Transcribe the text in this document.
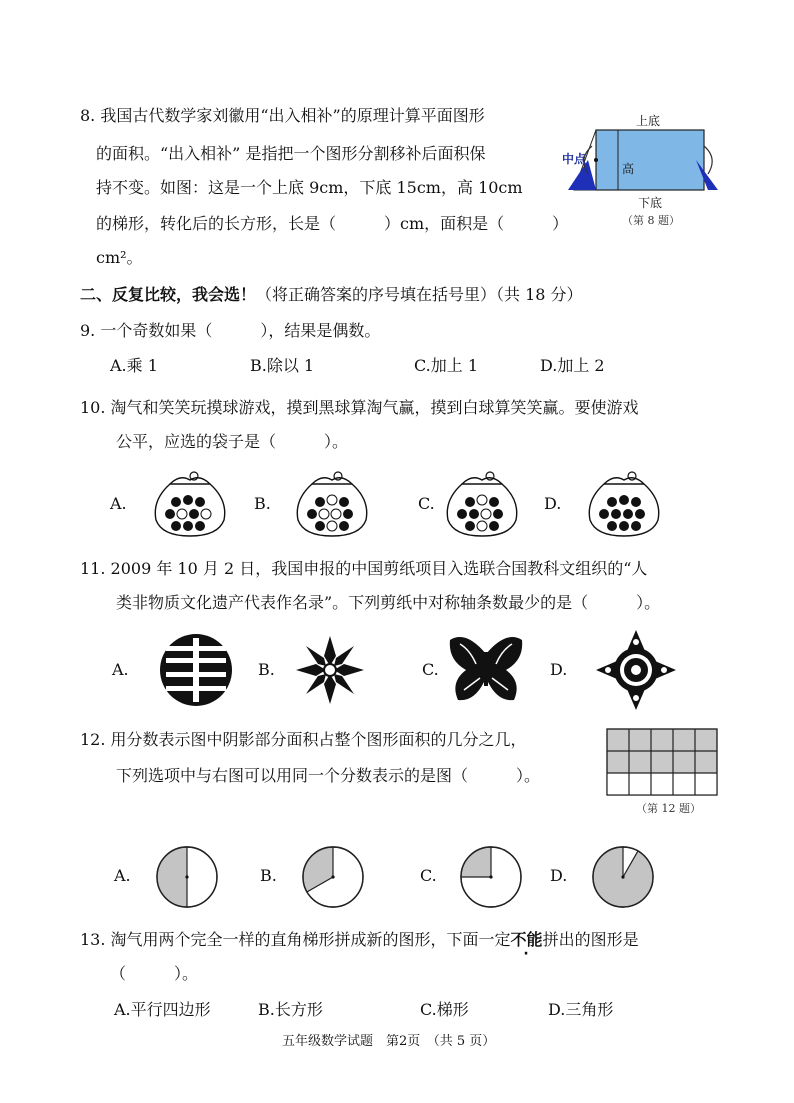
8. 我国古代数学家刘徽用“出入相补”的原理计算平面图形
的面积。“出入相补” 是指把一个图形分割移补后面积保
持不变。如图：这是一个上底 9cm，下底 15cm，高 10cm
的梯形，转化后的长方形，长是（　　　）cm，面积是（　　　）
cm²。
上底
下底
高
中点
（第 8 题）
二、反复比较，我会选！（将正确答案的序号填在括号里）（共 18 分）
9. 一个奇数如果（　　　），结果是偶数。
A.乘 1	B.除以 1	C.加上 1	D.加上 2
10. 淘气和笑笑玩摸球游戏，摸到黑球算淘气赢，摸到白球算笑笑赢。要使游戏
公平，应选的袋子是（　　　）。
A.	B.	C.	D.
11. 2009 年 10 月 2 日，我国申报的中国剪纸项目入选联合国教科文组织的“人
类非物质文化遗产代表作名录”。下列剪纸中对称轴条数最少的是（　　　）。
A.	B.	C.	D.
12. 用分数表示图中阴影部分面积占整个图形面积的几分之几，
下列选项中与右图可以用同一个分数表示的是图（　　　）。
（第 12 题）
A.	B.	C.	D.
13. 淘气用两个完全一样的直角梯形拼成新的图形，下面一定不能拼出的图形是
（　　　）。
A.平行四边形	B.长方形	C.梯形	D.三角形
五年级数学试题　第2页　（共 5 页）
